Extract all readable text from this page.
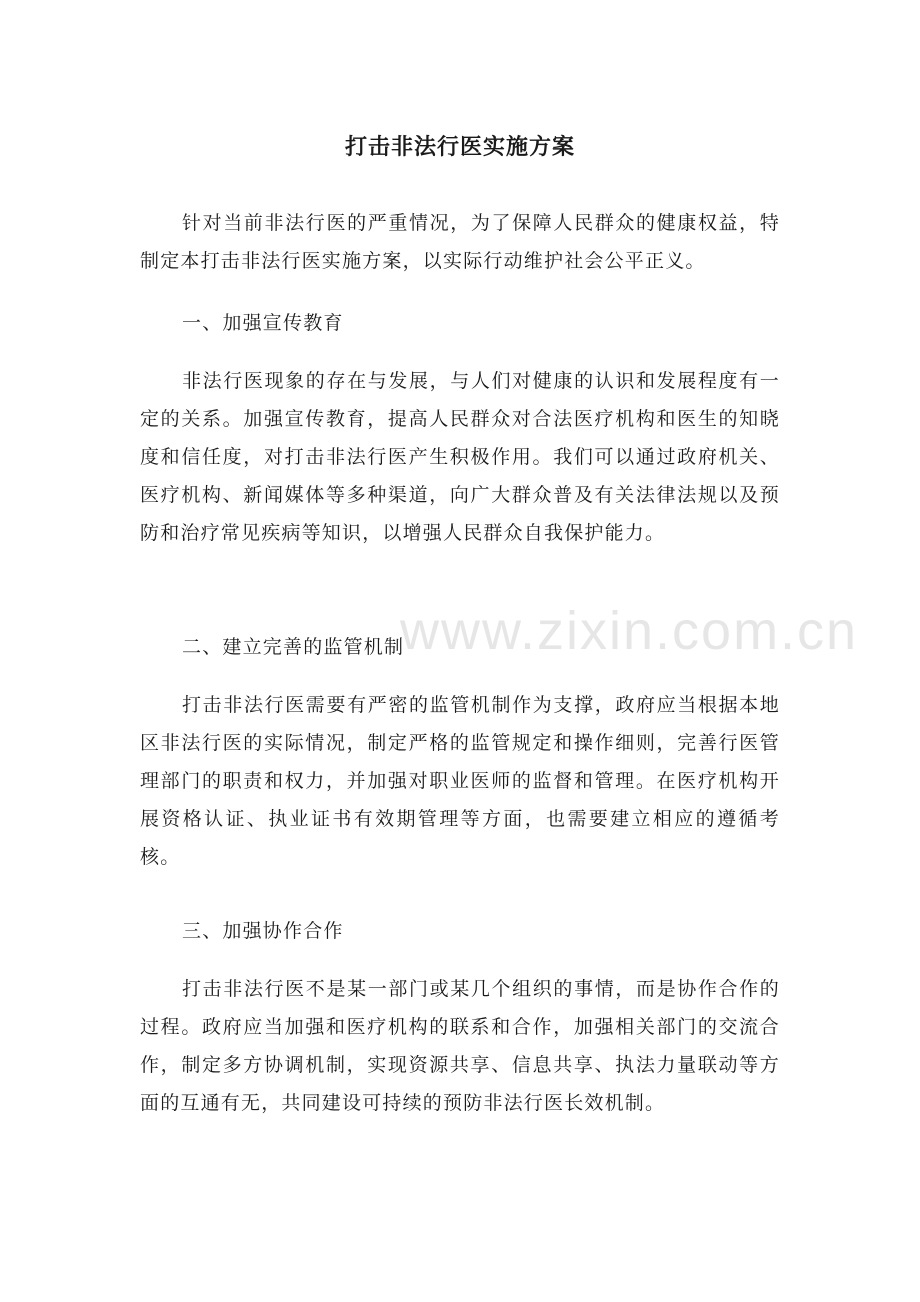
打击非法行医实施方案

针对当前非法行医的严重情况，为了保障人民群众的健康权益，特制定本打击非法行医实施方案，以实际行动维护社会公平正义。

一、加强宣传教育

非法行医现象的存在与发展，与人们对健康的认识和发展程度有一定的关系。加强宣传教育，提高人民群众对合法医疗机构和医生的知晓度和信任度，对打击非法行医产生积极作用。我们可以通过政府机关、医疗机构、新闻媒体等多种渠道，向广大群众普及有关法律法规以及预防和治疗常见疾病等知识，以增强人民群众自我保护能力。

二、建立完善的监管机制

打击非法行医需要有严密的监管机制作为支撑，政府应当根据本地区非法行医的实际情况，制定严格的监管规定和操作细则，完善行医管理部门的职责和权力，并加强对职业医师的监督和管理。在医疗机构开展资格认证、执业证书有效期管理等方面，也需要建立相应的遵循考核。

三、加强协作合作

打击非法行医不是某一部门或某几个组织的事情，而是协作合作的过程。政府应当加强和医疗机构的联系和合作，加强相关部门的交流合作，制定多方协调机制，实现资源共享、信息共享、执法力量联动等方面的互通有无，共同建设可持续的预防非法行医长效机制。

www.zixin.com.cn
